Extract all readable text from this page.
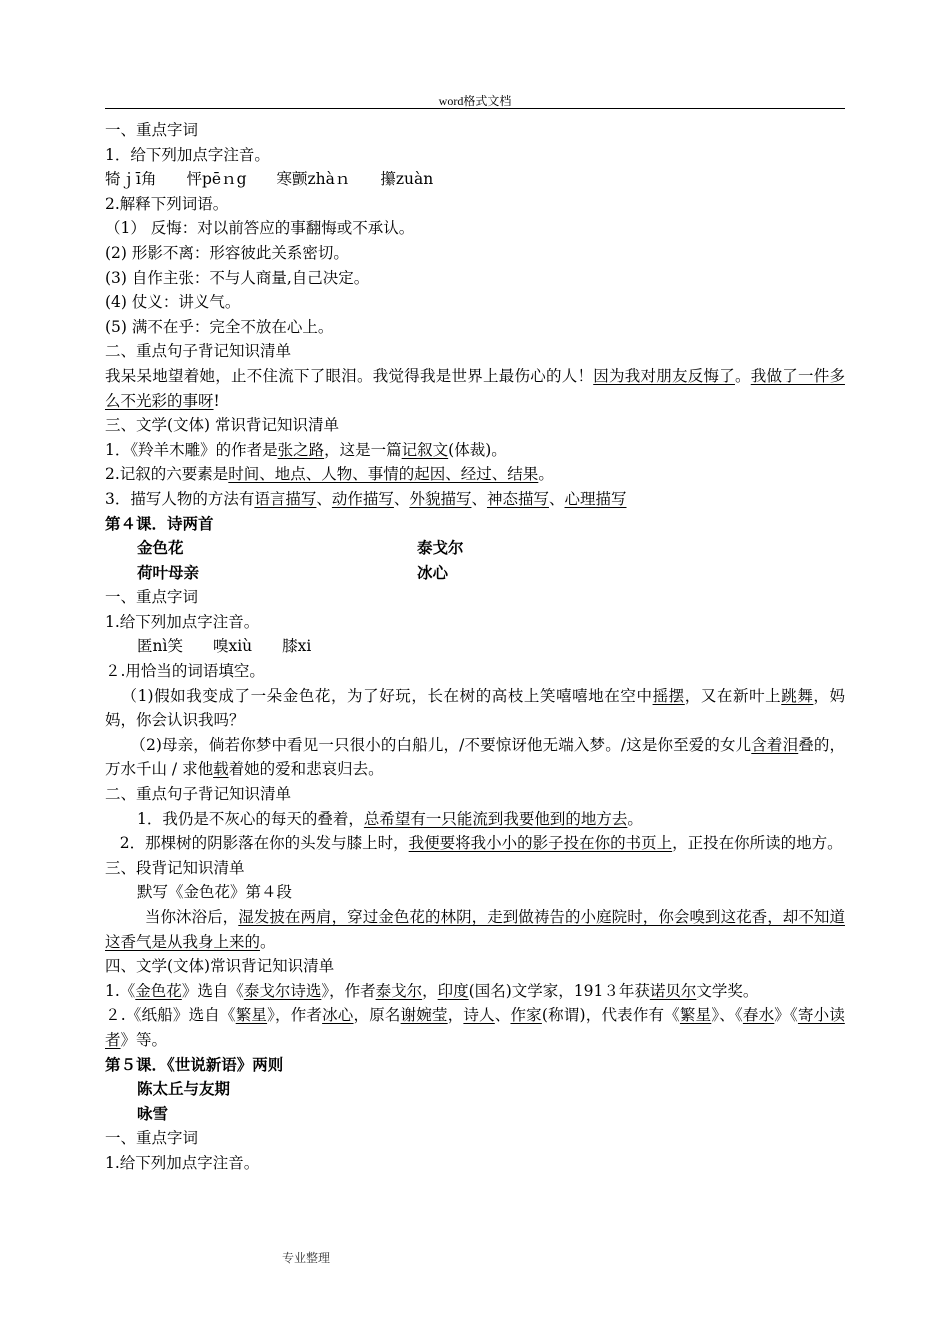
word格式文档
一、重点字词
1．给下列加点字注音。
犄ｊī角 怦pēｎg 寒颤zhàｎ 攥zuàn
2.解释下列词语。
（1） 反悔：对以前答应的事翻悔或不承认。
(2) 形影不离：形容彼此关系密切。
(3) 自作主张：不与人商量,自己决定。
(4) 仗义：讲义气。
(5) 满不在乎：完全不放在心上。
二、重点句子背记知识清单
我呆呆地望着她，止不住流下了眼泪。我觉得我是世界上最伤心的人！因为我对朋友反悔了。我做了一件多么不光彩的事呀!
三、文学(文体) 常识背记知识清单
1．《羚羊木雕》的作者是张之路，这是一篇记叙文(体裁)。
2.记叙的六要素是时间、地点、人物、事情的起因、经过、结果。
3．描写人物的方法有语言描写、动作描写、外貌描写、神态描写、心理描写
第４课．诗两首
金色花	泰戈尔
荷叶母亲	冰心
一、重点字词
1.给下列加点字注音。
匿nì笑 嗅xiù 膝xi
２.用恰当的词语填空。
（1)假如我变成了一朵金色花，为了好玩，长在树的高枝上笑嘻嘻地在空中摇摆，又在新叶上跳舞，妈妈，你会认识我吗？
（2)母亲，倘若你梦中看见一只很小的白船儿，/不要惊讶他无端入梦。/这是你至爱的女儿含着泪叠的，万水千山 / 求他载着她的爱和悲哀归去。
二、重点句子背记知识清单
1．我仍是不灰心的每天的叠着，总希望有一只能流到我要他到的地方去。
2．那棵树的阴影落在你的头发与膝上时，我便要将我小小的影子投在你的书页上，正投在你所读的地方。
三、段背记知识清单
默写《金色花》第４段
当你沐浴后，湿发披在两肩，穿过金色花的林阴，走到做祷告的小庭院时，你会嗅到这花香，却不知道这香气是从我身上来的。
四、文学(文体)常识背记知识清单
1.《金色花》选自《泰戈尔诗选》，作者泰戈尔，印度(国名)文学家，191３年获诺贝尔文学奖。
２.《纸船》选自《繁星》，作者冰心，原名谢婉莹，诗人、作家(称谓)，代表作有《繁星》、《春水》《寄小读者》等。
第５课．《世说新语》两则
陈太丘与友期
咏雪
一、重点字词
1.给下列加点字注音。
专业整理
